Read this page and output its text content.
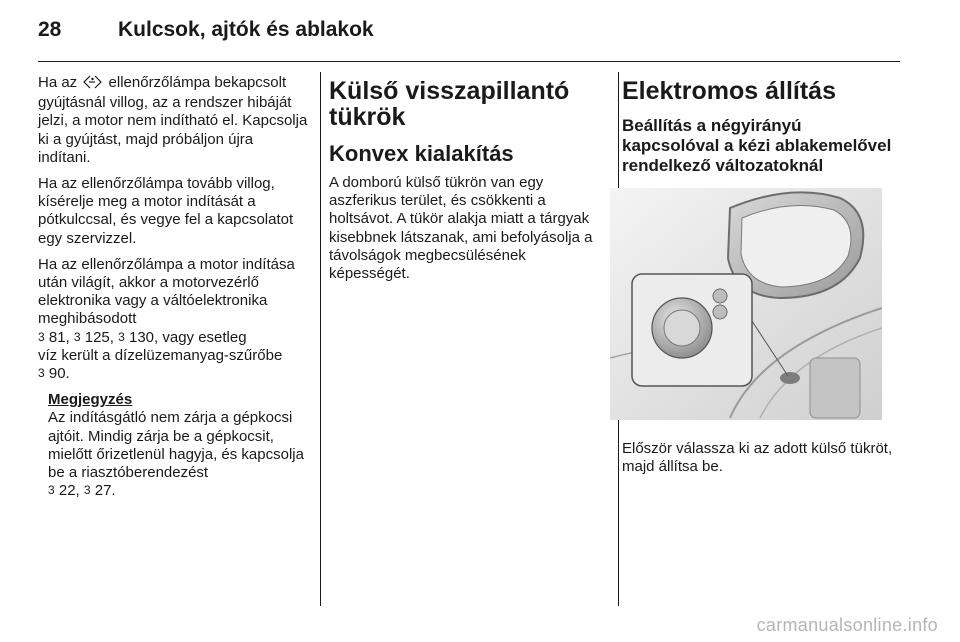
28	Kulcsok, ajtók és ablakok

Ha az ellenőrzőlámpa bekapcsolt gyújtásnál villog, az a rendszer hibáját jelzi, a motor nem indítható el. Kapcsolja ki a gyújtást, majd próbáljon újra indítani.

Ha az ellenőrzőlámpa tovább villog, kísérelje meg a motor indítását a pótkulccsal, és vegye fel a kapcsolatot egy szervizzel.

Ha az ellenőrzőlámpa a motor indítása után világít, akkor a motorvezérlő elektronika vagy a váltóelektronika meghibásodott
3 81, 3 125, 3 130, vagy esetleg
víz került a dízelüzemanyag-szűrőbe
3 90.

Megjegyzés
Az indításgátló nem zárja a gépkocsi ajtóit. Mindig zárja be a gépkocsit, mielőtt őrizetlenül hagyja, és kapcsolja be a riasztóberendezést
3 22, 3 27.
Külső visszapillantó tükrök
Konvex kialakítás

A domború külső tükrön van egy aszferikus terület, és csökkenti a holtsávot. A tükör alakja miatt a tárgyak kisebbnek látszanak, ami befolyásolja a távolságok megbecsülésének képességét.

Elektromos állítás
Beállítás a négyirányú kapcsolóval a kézi ablakemelővel rendelkező változatoknál

Először válassza ki az adott külső tükröt, majd állítsa be.

carmanualsonline.info
